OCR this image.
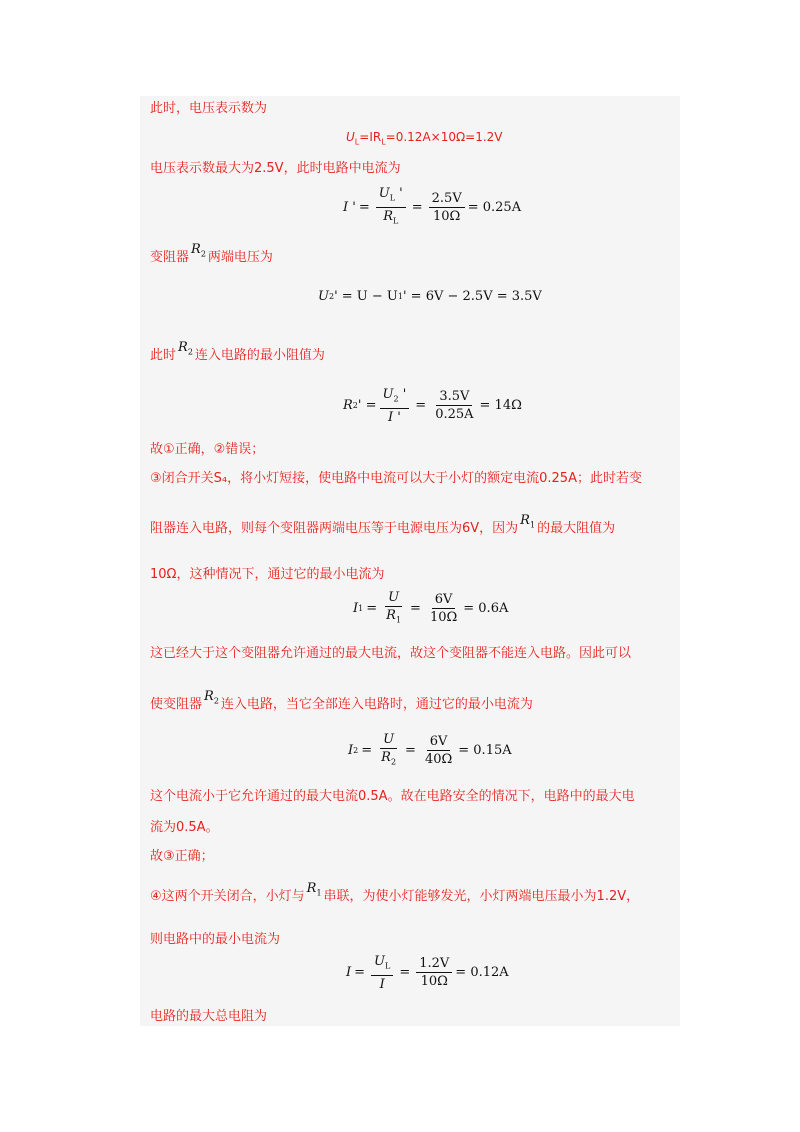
此时，电压表示数为
$U_L=IR_L=0.12A\times 10\Omega=1.2V$
电压表示数最大为2.5V，此时电路中电流为
I ' = $\frac{U_L '}{R_L} = \frac{2.5V}{10\Omega} = 0.25A$
变阻器$R_2$ 两端电压为
U 2 ' = U − U 1 ' = 6V − 2.5V = 3.5V
此时$R_2$ 连入电路的最小阻值为
R 2 ' = $\frac{U_2 '}{I '} = \frac{3.5V}{0.25A} = 14\Omega$
故①正确，②错误；
③闭合开关S₄，将小灯短接，使电路中电流可以大于小灯的额定电流0.25A；此时若变
阻器连入电路，则每个变阻器两端电压等于电源电压为6V，因为$R_1$ 的最大阻值为
10Ω，这种情况下，通过它的最小电流为
I $1 = \frac{U}{R_1} = \frac{6V}{10\Omega} = 0.6A$
这已经大于这个变阻器允许通过的最大电流，故这个变阻器不能连入电路。因此可以
使变阻器$R_2$ 连入电路，当它全部连入电路时，通过它的最小电流为
I $2 = \frac{U}{R_2} = \frac{6V}{40\Omega} = 0.15A$
这个电流小于它允许通过的最大电流0.5A。故在电路安全的情况下，电路中的最大电
流为0.5A。
故③正确；
④这两个开关闭合，小灯与$R_1$ 串联，为使小灯能够发光，小灯两端电压最小为1.2V，
则电路中的最小电流为
$I = \frac{U_L}{I} = \frac{1.2V}{10\Omega} = 0.12A$
电路的最大总电阻为
